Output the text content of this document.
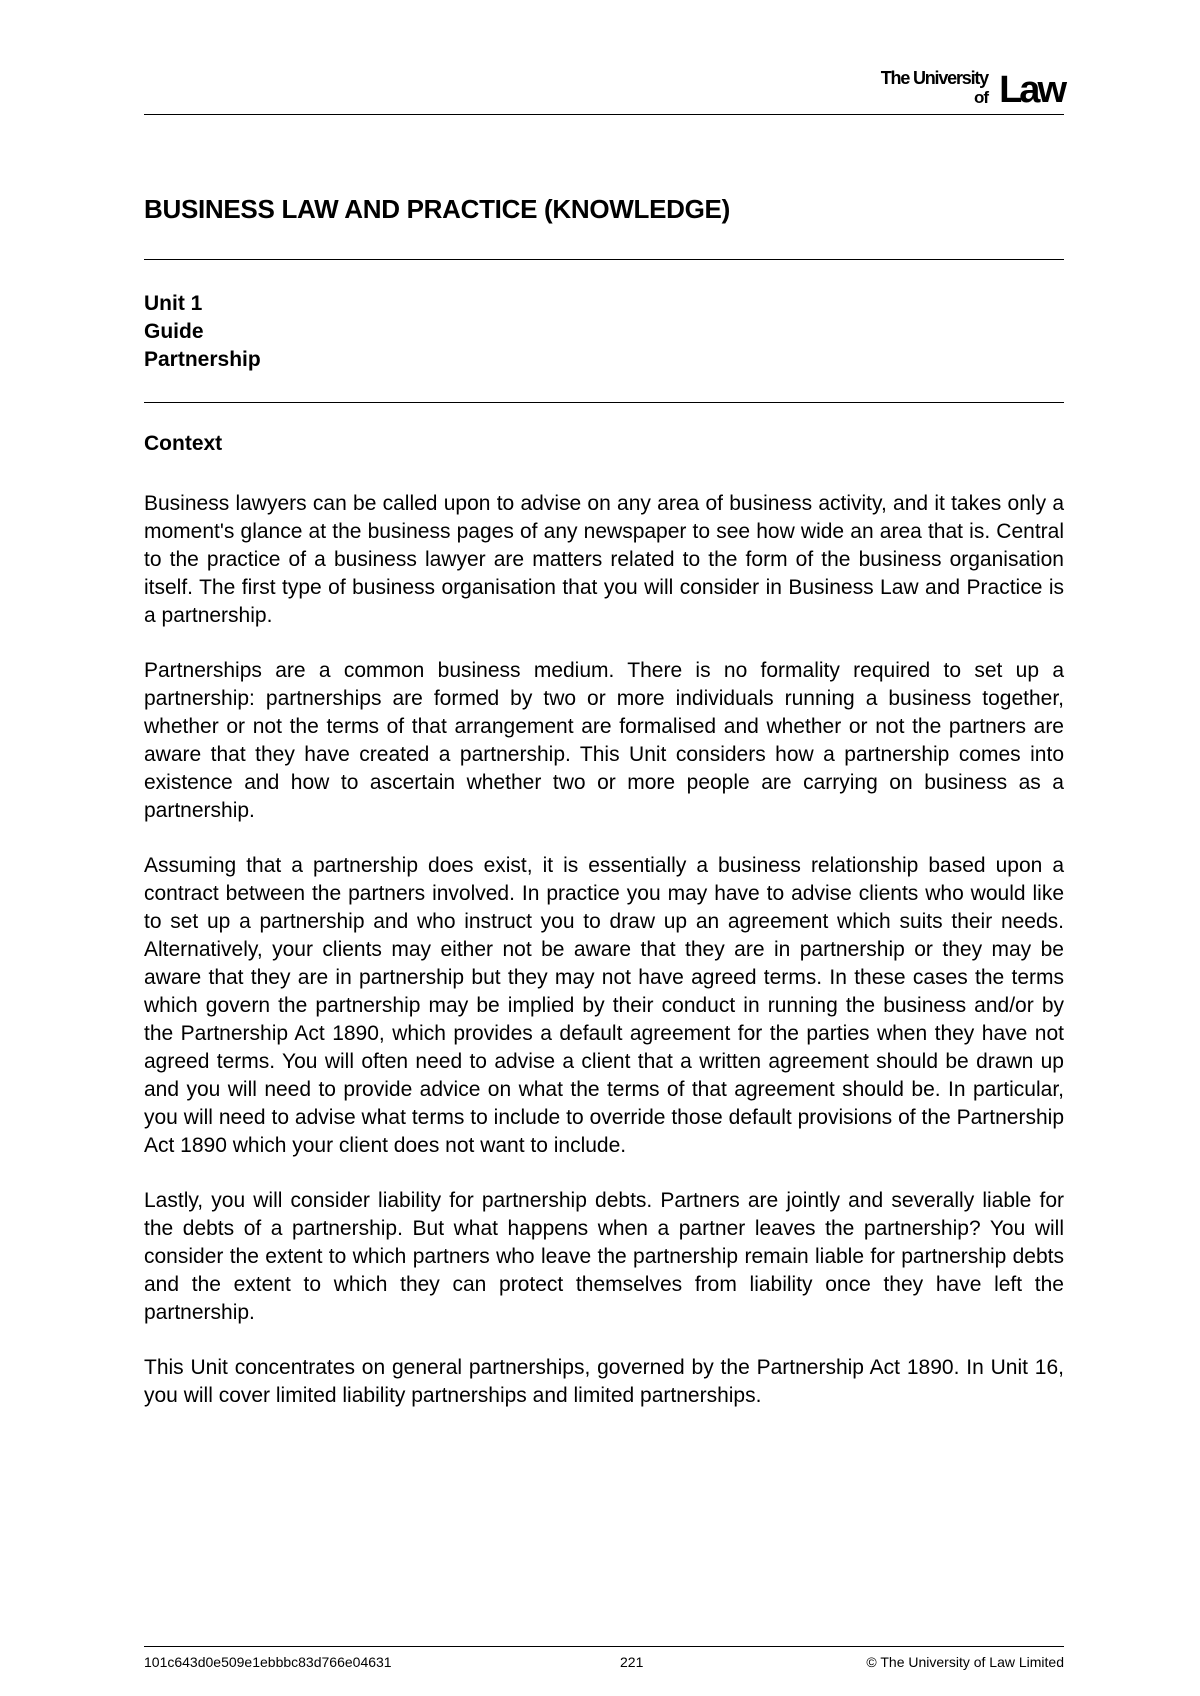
The University
of Law
BUSINESS LAW AND PRACTICE (KNOWLEDGE)
Unit 1
Guide
Partnership
Context

Business lawyers can be called upon to advise on any area of business activity, and it takes only a moment's glance at the business pages of any newspaper to see how wide an area that is. Central to the practice of a business lawyer are matters related to the form of the business organisation itself. The first type of business organisation that you will consider in Business Law and Practice is a partnership.

Partnerships are a common business medium. There is no formality required to set up a partnership: partnerships are formed by two or more individuals running a business together, whether or not the terms of that arrangement are formalised and whether or not the partners are aware that they have created a partnership. This Unit considers how a partnership comes into existence and how to ascertain whether two or more people are carrying on business as a partnership.

Assuming that a partnership does exist, it is essentially a business relationship based upon a contract between the partners involved. In practice you may have to advise clients who would like to set up a partnership and who instruct you to draw up an agreement which suits their needs. Alternatively, your clients may either not be aware that they are in partnership or they may be aware that they are in partnership but they may not have agreed terms. In these cases the terms which govern the partnership may be implied by their conduct in running the business and/or by the Partnership Act 1890, which provides a default agreement for the parties when they have not agreed terms. You will often need to advise a client that a written agreement should be drawn up and you will need to provide advice on what the terms of that agreement should be. In particular, you will need to advise what terms to include to override those default provisions of the Partnership Act 1890 which your client does not want to include.

Lastly, you will consider liability for partnership debts. Partners are jointly and severally liable for the debts of a partnership. But what happens when a partner leaves the partnership? You will consider the extent to which partners who leave the partnership remain liable for partnership debts and the extent to which they can protect themselves from liability once they have left the partnership.

This Unit concentrates on general partnerships, governed by the Partnership Act 1890. In Unit 16, you will cover limited liability partnerships and limited partnerships.

101c643d0e509e1ebbbc83d766e04631	221	© The University of Law Limited
